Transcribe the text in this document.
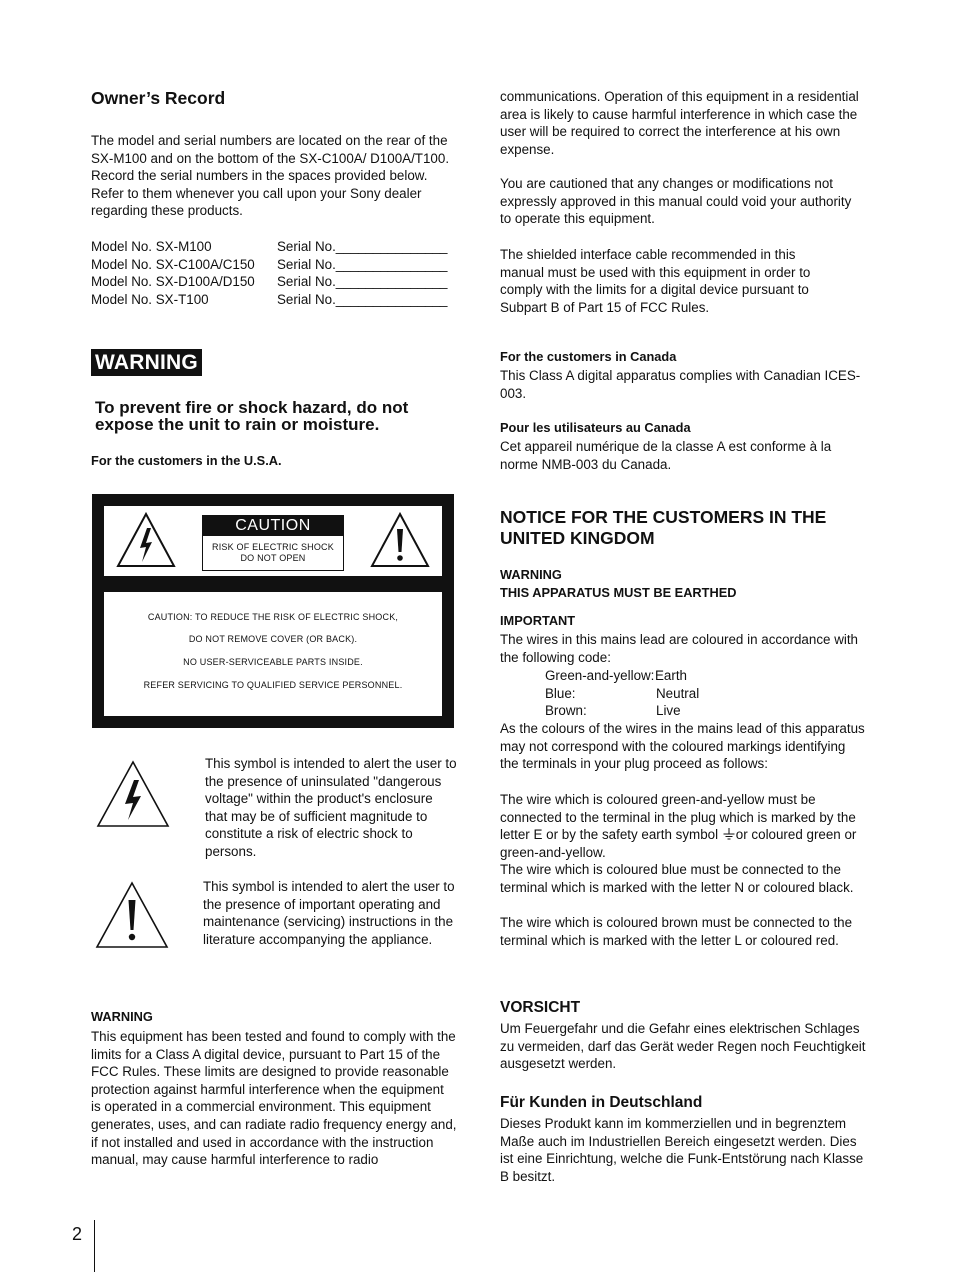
Owner’s Record
The model and serial numbers are located on the rear of the SX-M100 and on the bottom of the SX-C100A/ D100A/T100. Record the serial numbers in the spaces provided below. Refer to them whenever you call upon your Sony dealer regarding these products.
Model No. SX-M100	Serial No._______________
Model No. SX-C100A/C150	Serial No._______________
Model No. SX-D100A/D150	Serial No._______________
Model No. SX-T100	Serial No._______________
WARNING
To prevent fire or shock hazard, do not
expose the unit to rain or moisture.
For the customers in the U.S.A.
CAUTION
RISK OF ELECTRIC SHOCK
DO NOT OPEN
CAUTION: TO REDUCE THE RISK OF ELECTRIC SHOCK,
DO NOT REMOVE COVER (OR BACK).
NO USER-SERVICEABLE PARTS INSIDE.
REFER SERVICING TO QUALIFIED SERVICE PERSONNEL.
This symbol is intended to alert the user to the presence of uninsulated "dangerous voltage" within the product's enclosure that may be of sufficient magnitude to constitute a risk of electric shock to persons.
This symbol is intended to alert the user to the presence of important operating and maintenance (servicing) instructions in the literature accompanying the appliance.
WARNING
This equipment has been tested and found to comply with the limits for a Class A digital device, pursuant to Part 15 of the FCC Rules. These limits are designed to provide reasonable protection against harmful interference when the equipment is operated in a commercial environment. This equipment generates, uses, and can radiate radio frequency energy and, if not installed and used in accordance with the instruction manual, may cause harmful interference to radio
communications. Operation of this equipment in a residential area is likely to cause harmful interference in which case the user will be required to correct the interference at his own expense.
You are cautioned that any changes or modifications not expressly approved in this manual could void your authority to operate this equipment.
The shielded interface cable recommended in this manual must be used with this equipment in order to comply with the limits for a digital device pursuant to Subpart B of Part 15 of FCC Rules.
For the customers in Canada
This Class A digital apparatus complies with Canadian ICES-003.
Pour les utilisateurs au Canada
Cet appareil numérique de la classe A est conforme à la norme NMB-003 du Canada.
NOTICE FOR THE CUSTOMERS IN THE UNITED KINGDOM
WARNING
THIS APPARATUS MUST BE EARTHED
IMPORTANT
The wires in this mains lead are coloured in accordance with the following code:
Green-and-yellow:Earth
Blue:	Neutral
Brown:	Live
As the colours of the wires in the mains lead of this apparatus may not correspond with the coloured markings identifying the terminals in your plug proceed as follows:
The wire which is coloured green-and-yellow must be connected to the terminal in the plug which is marked by the letter E or by the safety earth symbol or coloured green or green-and-yellow.
The wire which is coloured blue must be connected to the terminal which is marked with the letter N or coloured black.
The wire which is coloured brown must be connected to the terminal which is marked with the letter L or coloured red.
VORSICHT
Um Feuergefahr und die Gefahr eines elektrischen Schlages zu vermeiden, darf das Gerät weder Regen noch Feuchtigkeit ausgesetzt werden.
Für Kunden in Deutschland
Dieses Produkt kann im kommerziellen und in begrenztem Maße auch im Industriellen Bereich eingesetzt werden. Dies ist eine Einrichtung, welche die Funk-Entstörung nach Klasse B besitzt.
2
